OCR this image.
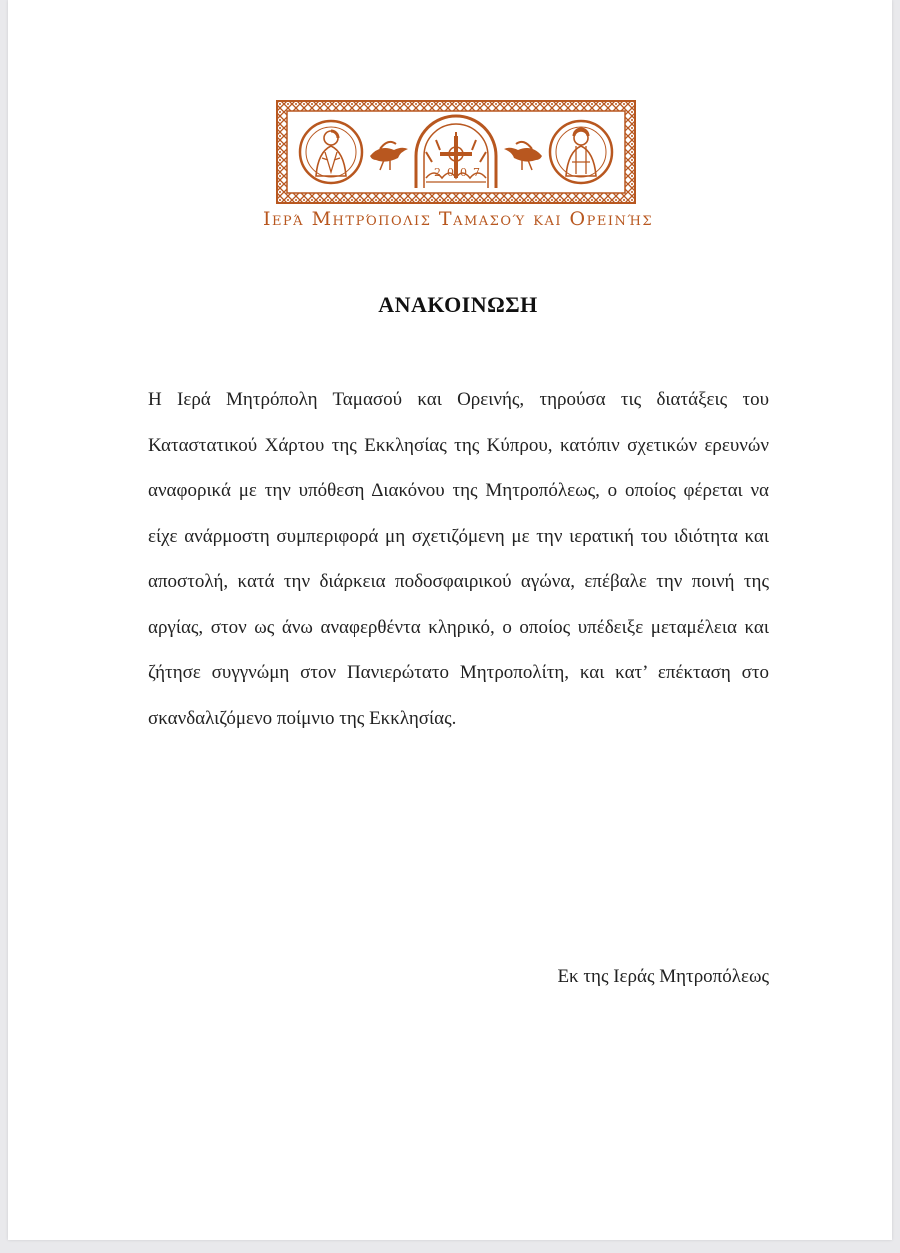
2007
Ιερά Μητρόπολις Ταμασού και Ορεινής
ΑΝΑΚΟΙΝΩΣΗ
Η Ιερά Μητρόπολη Ταμασού και Ορεινής, τηρούσα τις διατάξεις του Καταστατικού Χάρτου της Εκκλησίας της Κύπρου, κατόπιν σχετικών ερευνών αναφορικά με την υπόθεση Διακόνου της Μητροπόλεως, ο οποίος φέρεται να είχε ανάρμοστη συμπεριφορά μη σχετιζόμενη με την ιερατική του ιδιότητα και αποστολή, κατά την διάρκεια ποδοσφαιρικού αγώνα, επέβαλε την ποινή της αργίας, στον ως άνω αναφερθέντα κληρικό, ο οποίος υπέδειξε μεταμέλεια και ζήτησε συγγνώμη στον Πανιερώτατο Μητροπολίτη, και κατ’ επέκταση στο σκανδαλιζόμενο ποίμνιο της Εκκλησίας.
Εκ της Ιεράς Μητροπόλεως
